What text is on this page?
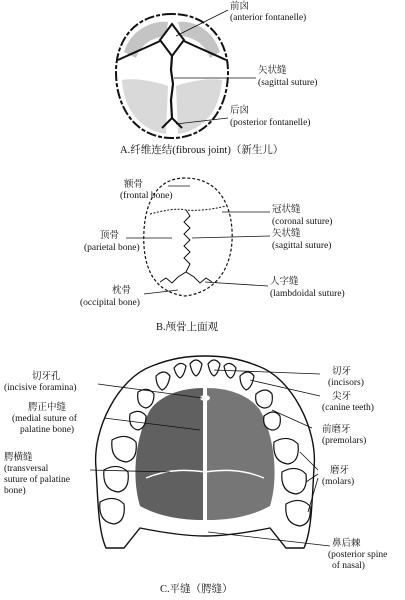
前囟
(anterior fontanelle)
矢状缝
(sagittal suture)
后囟
(posterior fontanelle)
A.纤维连结(fibrous joint)（新生儿）
额骨
(frontal bone)
冠状缝
(coronal suture)
顶骨
(parietal bone)
矢状缝
(sagittal suture)
人字缝
(lambdoidal suture)
枕骨
(occipital bone)
B.颅骨上面观
切牙孔
(incisive foramina)
腭正中缝
(medial suture of
palatine bone)
腭横缝
(transversal
suture of palatine
bone)
切牙
(incisors)
尖牙
(canine teeth)
前磨牙
(premolars)
磨牙
(molars)
鼻后棘
(posterior spine
of nasal)
C.平缝（腭缝）
